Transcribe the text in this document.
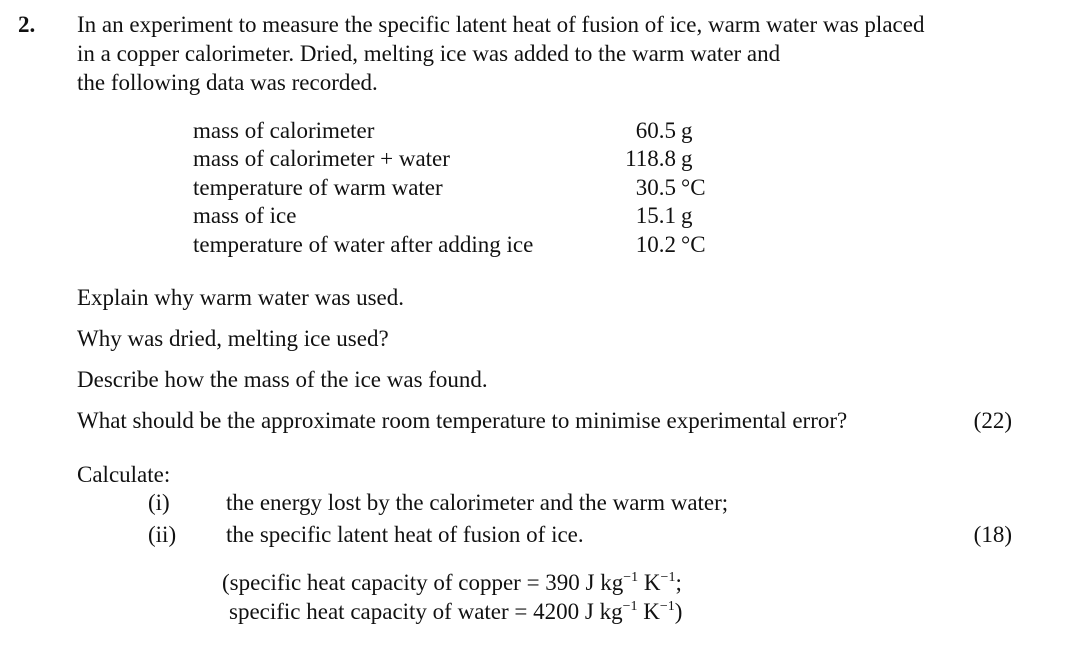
2. In an experiment to measure the specific latent heat of fusion of ice, warm water was placed
in a copper calorimeter. Dried, melting ice was added to the warm water and
the following data was recorded.
mass of calorimeter	60.5 g
mass of calorimeter + water	118.8 g
temperature of warm water	30.5 °C
mass of ice	15.1 g
temperature of water after adding ice	10.2 °C
Explain why warm water was used.
Why was dried, melting ice used?
Describe how the mass of the ice was found.
What should be the approximate room temperature to minimise experimental error?	(22)
Calculate:
(i) the energy lost by the calorimeter and the warm water;
(ii) the specific latent heat of fusion of ice.	(18)
(specific heat capacity of copper = 390 J $kg^{-1}$ $K^{-1}$;
specific heat capacity of water = 4200 J $kg^{-1}$ $K^{-1}$)
